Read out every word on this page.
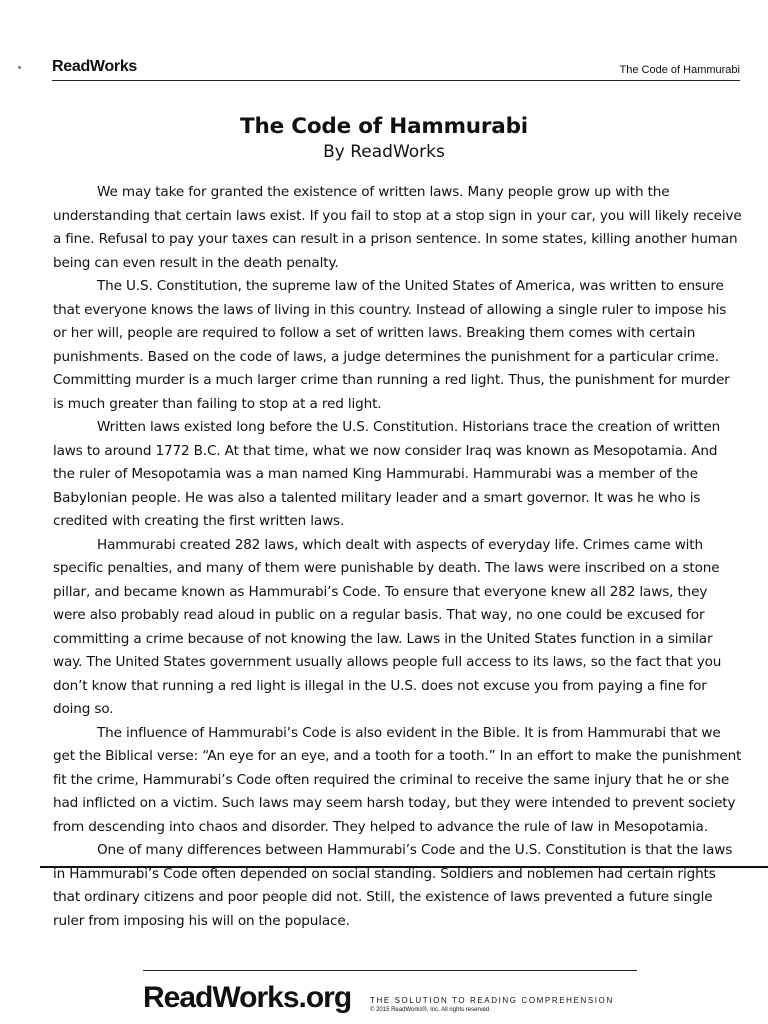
ReadWorks	The Code of Hammurabi
The Code of Hammurabi
By ReadWorks

We may take for granted the existence of written laws. Many people grow up with the understanding that certain laws exist. If you fail to stop at a stop sign in your car, you will likely receive a fine. Refusal to pay your taxes can result in a prison sentence. In some states, killing another human being can even result in the death penalty.

The U.S. Constitution, the supreme law of the United States of America, was written to ensure that everyone knows the laws of living in this country. Instead of allowing a single ruler to impose his or her will, people are required to follow a set of written laws. Breaking them comes with certain punishments. Based on the code of laws, a judge determines the punishment for a particular crime. Committing murder is a much larger crime than running a red light. Thus, the punishment for murder is much greater than failing to stop at a red light.

Written laws existed long before the U.S. Constitution. Historians trace the creation of written laws to around 1772 B.C. At that time, what we now consider Iraq was known as Mesopotamia. And the ruler of Mesopotamia was a man named King Hammurabi. Hammurabi was a member of the Babylonian people. He was also a talented military leader and a smart governor. It was he who is credited with creating the first written laws.

Hammurabi created 282 laws, which dealt with aspects of everyday life. Crimes came with specific penalties, and many of them were punishable by death. The laws were inscribed on a stone pillar, and became known as Hammurabi’s Code. To ensure that everyone knew all 282 laws, they were also probably read aloud in public on a regular basis. That way, no one could be excused for committing a crime because of not knowing the law. Laws in the United States function in a similar way. The United States government usually allows people full access to its laws, so the fact that you don’t know that running a red light is illegal in the U.S. does not excuse you from paying a fine for doing so.

The influence of Hammurabi’s Code is also evident in the Bible. It is from Hammurabi that we get the Biblical verse: “An eye for an eye, and a tooth for a tooth.” In an effort to make the punishment fit the crime, Hammurabi’s Code often required the criminal to receive the same injury that he or she had inflicted on a victim. Such laws may seem harsh today, but they were intended to prevent society from descending into chaos and disorder. They helped to advance the rule of law in Mesopotamia.

One of many differences between Hammurabi’s Code and the U.S. Constitution is that the laws in Hammurabi’s Code often depended on social standing. Soldiers and noblemen had certain rights that ordinary citizens and poor people did not. Still, the existence of laws prevented a future single ruler from imposing his will on the populace.

ReadWorks.org THE SOLUTION TO READING COMPREHENSION
© 2015 ReadWorks®, Inc. All rights reserved.
